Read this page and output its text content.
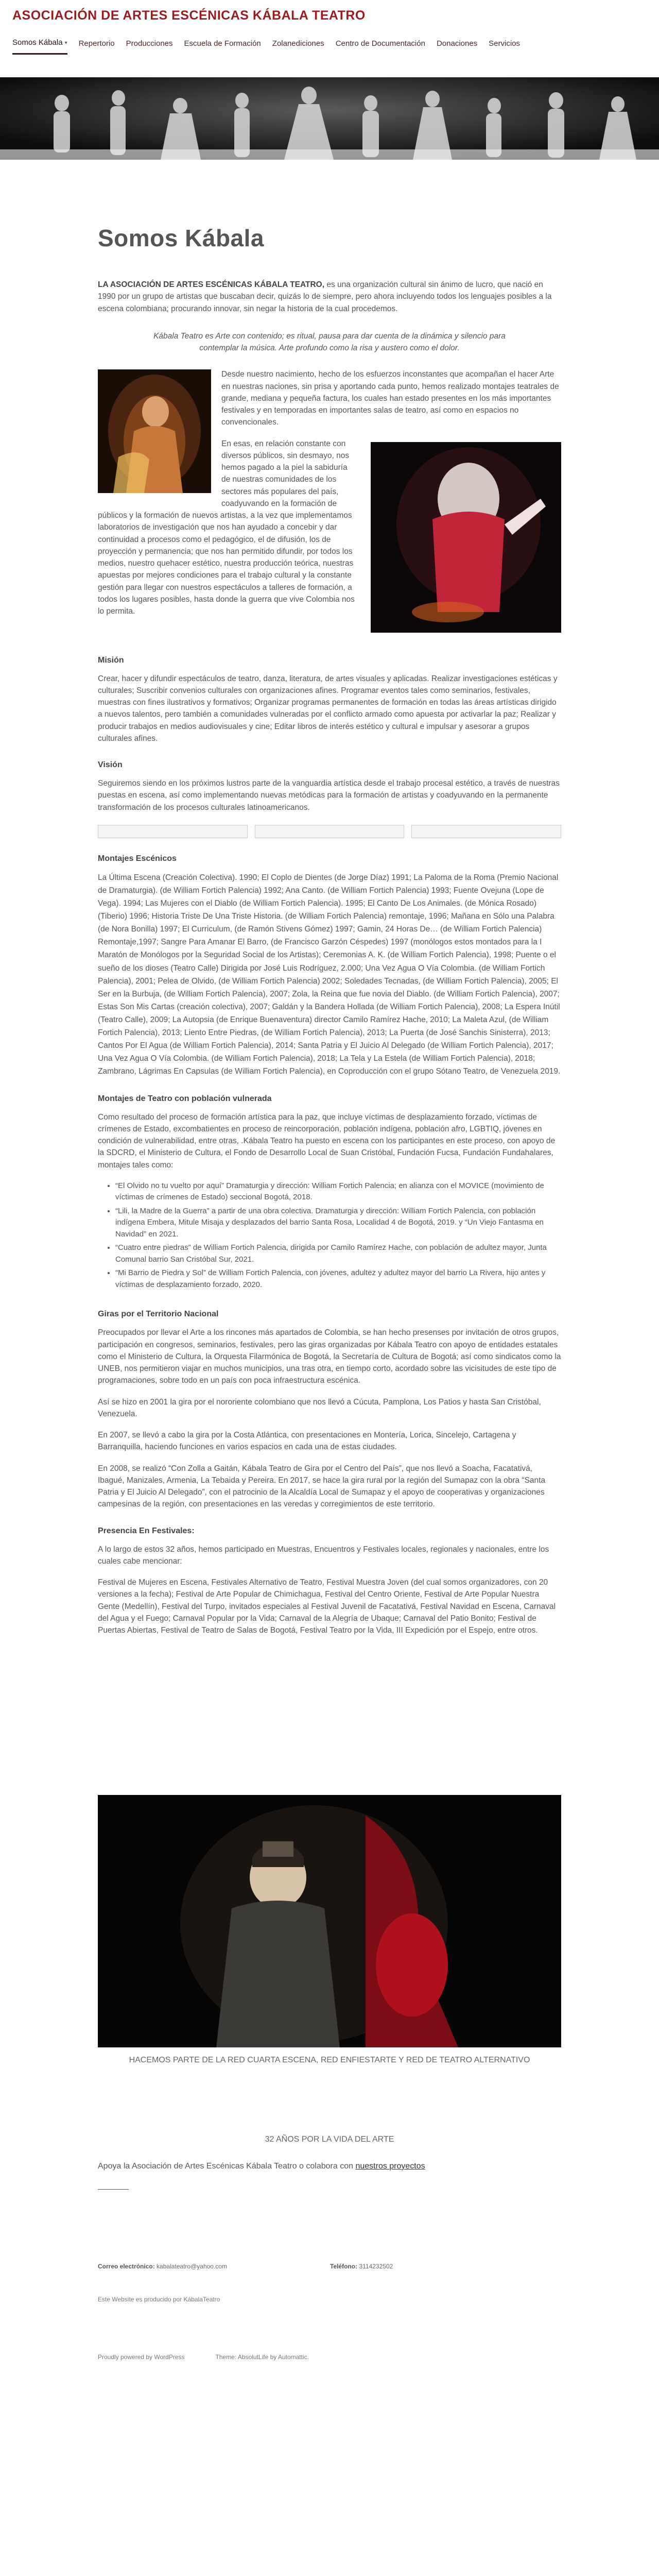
ASOCIACIÓN DE ARTES ESCÉNICAS KÁBALA TEATRO
Somos Kábala ▾ Repertorio Producciones Escuela de Formación Zolanediciones Centro de Documentación Donaciones Servicios
Somos Kábala

LA ASOCIACIÓN DE ARTES ESCÉNICAS KÁBALA TEATRO, es una organización cultural sin ánimo de lucro, que nació en 1990 por un grupo de artistas que buscaban decir, quizás lo de siempre, pero ahora incluyendo todos los lenguajes posibles a la escena colombiana; procurando innovar, sin negar la historia de la cual procedemos.

Kábala Teatro es Arte con contenido; es ritual, pausa para dar cuenta de la dinámica y silencio para contemplar la música. Arte profundo como la risa y austero como el dolor.

Desde nuestro nacimiento, hecho de los esfuerzos inconstantes que acompañan el hacer Arte en nuestras naciones, sin prisa y aportando cada punto, hemos realizado montajes teatrales de grande, mediana y pequeña factura, los cuales han estado presentes en los más importantes festivales y en temporadas en importantes salas de teatro, así como en espacios no convencionales.

En esas, en relación constante con diversos públicos, sin desmayo, nos hemos pagado a la piel la sabiduría de nuestras comunidades de los sectores más populares del país, coadyuvando en la formación de públicos y la formación de nuevos artistas, a la vez que implementamos laboratorios de investigación que nos han ayudado a concebir y dar continuidad a procesos como el pedagógico, el de difusión, los de proyección y permanencia; que nos han permitido difundir, por todos los medios, nuestro quehacer estético, nuestra producción teórica, nuestras apuestas por mejores condiciones para el trabajo cultural y la constante gestión para llegar con nuestros espectáculos a talleres de formación, a todos los lugares posibles, hasta donde la guerra que vive Colombia nos lo permita.

Misión

Crear, hacer y difundir espectáculos de teatro, danza, literatura, de artes visuales y aplicadas. Realizar investigaciones estéticas y culturales; Suscribir convenios culturales con organizaciones afines. Programar eventos tales como seminarios, festivales, muestras con fines ilustrativos y formativos; Organizar programas permanentes de formación en todas las áreas artísticas dirigido a nuevos talentos, pero también a comunidades vulneradas por el conflicto armado como apuesta por activarlar la paz; Realizar y producir trabajos en medios audiovisuales y cine; Editar libros de interés estético y cultural e impulsar y asesorar a grupos culturales afines.

Visión

Seguiremos siendo en los próximos lustros parte de la vanguardia artística desde el trabajo procesal estético, a través de nuestras puestas en escena, así como implementando nuevas metódicas para la formación de artistas y coadyuvando en la permanente transformación de los procesos culturales latinoamericanos.

Montajes Escénicos

La Última Escena (Creación Colectiva). 1990; El Coplo de Dientes (de Jorge Díaz) 1991; La Paloma de la Roma (Premio Nacional de Dramaturgia). (de William Fortich Palencia) 1992; Ana Canto. (de William Fortich Palencia) 1993; Fuente Ovejuna (Lope de Vega). 1994; Las Mujeres con el Diablo (de William Fortich Palencia). 1995; El Canto De Los Animales. (de Mónica Rosado) (Tiberio) 1996; Historia Triste De Una Triste Historia. (de William Fortich Palencia) remontaje, 1996; Mañana en Sólo una Palabra (de Nora Bonilla) 1997; El Curriculum, (de Ramón Stivens Gómez) 1997; Gamin, 24 Horas De… (de William Fortich Palencia) Remontaje,1997; Sangre Para Amanar El Barro, (de Francisco Garzón Céspedes) 1997 (monólogos estos montados para la I Maratón de Monólogos por la Seguridad Social de los Artistas); Ceremonias A. K. (de William Fortich Palencia), 1998; Puente o el sueño de los dioses (Teatro Calle) Dirigida por José Luis Rodríguez, 2.000; Una Vez Agua O Vía Colombia. (de William Fortich Palencia), 2001; Pelea de Olvido, (de William Fortich Palencia) 2002; Soledades Tecnadas, (de William Fortich Palencia), 2005; El Ser en la Burbuja, (de William Fortich Palencia), 2007; Zola, la Reina que fue novia del Diablo. (de William Fortich Palencia), 2007; Estas Son Mis Cartas (creación colectiva), 2007; Galdán y la Bandera Hollada (de William Fortich Palencia), 2008; La Espera Inútil (Teatro Calle), 2009; La Autopsia (de Enrique Buenaventura) director Camilo Ramírez Hache, 2010; La Maleta Azul, (de William Fortich Palencia), 2013; Liento Entre Piedras, (de William Fortich Palencia), 2013; La Puerta (de José Sanchis Sinisterra), 2013; Cantos Por El Agua (de William Fortich Palencia), 2014; Santa Patria y El Juicio Al Delegado (de William Fortich Palencia), 2017; Una Vez Agua O Vía Colombia. (de William Fortich Palencia), 2018; La Tela y La Estela (de William Fortich Palencia), 2018; Zambrano, Lágrimas En Capsulas (de William Fortich Palencia), en Coproducción con el grupo Sótano Teatro, de Venezuela 2019.

Montajes de Teatro con población vulnerada

Como resultado del proceso de formación artística para la paz, que incluye víctimas de desplazamiento forzado, víctimas de crímenes de Estado, excombatientes en proceso de reincorporación, población indígena, población afro, LGBTIQ, jóvenes en condición de vulnerabilidad, entre otras, .Kábala Teatro ha puesto en escena con los participantes en este proceso, con apoyo de la SDCRD, el Ministerio de Cultura, el Fondo de Desarrollo Local de Suan Cristóbal, Fundación Fucsa, Fundación Fundahalares, montajes tales como:

• “El Olvido no tu vuelto por aquí” Dramaturgia y dirección: William Fortich Palencia; en alianza con el MOVICE (movimiento de víctimas de crímenes de Estado) seccional Bogotá, 2018.
• “Lili, la Madre de la Guerra” a partir de una obra colectiva. Dramaturgia y dirección: William Fortich Palencia, con población indígena Embera, Mitule Misaja y desplazados del barrio Santa Rosa, Localidad 4 de Bogotá, 2019. y “Un Viejo Fantasma en Navidad” en 2021.
• “Cuatro entre piedras” de William Fortich Palencia, dirigida por Camilo Ramírez Hache, con población de adultez mayor, Junta Comunal barrio San Cristóbal Sur, 2021.
• “Mi Barrio de Piedra y Sol” de William Fortich Palencia, con jóvenes, adultez y adultez mayor del barrio La Rivera, hijo antes y víctimas de desplazamiento forzado, 2020.
Giras por el Territorio Nacional

Preocupados por llevar el Arte a los rincones más apartados de Colombia, se han hecho presenses por invitación de otros grupos, participación en congresos, seminarios, festivales, pero las giras organizadas por Kábala Teatro con apoyo de entidades estatales como el Ministerio de Cultura, la Orquesta Filarmónica de Bogotá, la Secretaría de Cultura de Bogotá; así como sindicatos como la UNEB, nos permitieron viajar en muchos municipios, una tras otra, en tiempo corto, acordado sobre las vicisitudes de este tipo de programaciones, sobre todo en un país con poca infraestructura escénica.

Así se hizo en 2001 la gira por el nororiente colombiano que nos llevó a Cúcuta, Pamplona, Los Patios y hasta San Cristóbal, Venezuela.

En 2007, se llevó a cabo la gira por la Costa Atlántica, con presentaciones en Montería, Lorica, Sincelejo, Cartagena y Barranquilla, haciendo funciones en varios espacios en cada una de estas ciudades.

En 2008, se realizó “Con Zolla a Gaitán, Kábala Teatro de Gira por el Centro del País”, que nos llevó a Soacha, Facatativá, Ibagué, Manizales, Armenia, La Tebaida y Pereira. En 2017, se hace la gira rural por la región del Sumapaz con la obra “Santa Patria y El Juicio Al Delegado”, con el patrocinio de la Alcaldía Local de Sumapaz y el apoyo de cooperativas y organizaciones campesinas de la región, con presentaciones en las veredas y corregimientos de este territorio.

Presencia En Festivales:

A lo largo de estos 32 años, hemos participado en Muestras, Encuentros y Festivales locales, regionales y nacionales, entre los cuales cabe mencionar:

Festival de Mujeres en Escena, Festivales Alternativo de Teatro, Festival Muestra Joven (del cual somos organizadores, con 20 versiones a la fecha); Festival de Arte Popular de Chimichagua, Festival del Centro Oriente, Festival de Arte Popular Nuestra Gente (Medellín), Festival del Turpo, invitados especiales al Festival Juvenil de Facatativá, Festival Navidad en Escena, Carnaval del Agua y el Fuego; Carnaval Popular por la Vida; Carnaval de la Alegría de Ubaque; Carnaval del Patio Bonito; Festival de Puertas Abiertas, Festival de Teatro de Salas de Bogotá, Festival Teatro por la Vida, III Expedición por el Espejo, entre otros.

HACEMOS PARTE DE LA RED CUARTA ESCENA, RED ENFIESTARTE Y RED DE TEATRO ALTERNATIVO

32 AÑOS POR LA VIDA DEL ARTE

Apoya la Asociación de Artes Escénicas Kábala Teatro o colabora con nuestros proyectos

Correo electrónico: kabalateatro@yahoo.com	Teléfono: 3114232502
Este Website es producido por KábalaTeatro
Proudly powered by WordPress	Theme: AbsolutLife by Automattic.
